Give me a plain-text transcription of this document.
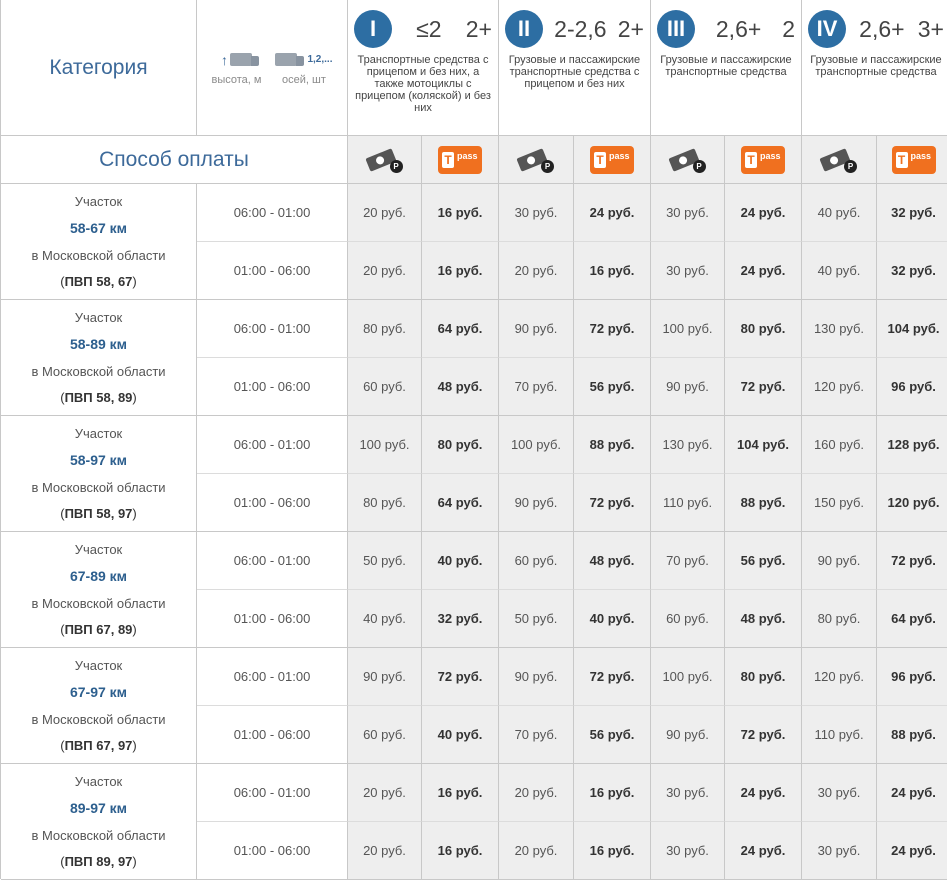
Категория	↑
высота, м
1,2,...
осей, шт
I	≤2 2+
Транспортные средства с прицепом и без них, а также мотоциклы с прицепом (коляской) и без них
II	2-2,6 2+
Грузовые и пассажирские транспортные средства с прицепом и без них
III	2,6+ 2
Грузовые и пассажирские транспортные средства
IV 2,6+ 3+
Грузовые и пассажирские транспортные средства
Способ оплаты	P	T pass
P	T pass
P	T pass
P	T pass
Участок
58-67 км
в Московской области
(ПВП 58, 67)
06:00 - 01:00	20 руб.	16 руб.	30 руб.	24 руб.	30 руб.	24 руб.	40 руб.	32 руб.
01:00 - 06:00	20 руб.	16 руб.	20 руб.	16 руб.	30 руб.	24 руб.	40 руб.	32 руб.
Участок
58-89 км
в Московской области
(ПВП 58, 89)
06:00 - 01:00	80 руб.	64 руб.	90 руб.	72 руб.	100 руб.	80 руб.	130 руб.	104 руб.
01:00 - 06:00	60 руб.	48 руб.	70 руб.	56 руб.	90 руб.	72 руб.	120 руб.	96 руб.
Участок
58-97 км
в Московской области
(ПВП 58, 97)
06:00 - 01:00	100 руб.	80 руб.	100 руб.	88 руб.	130 руб.	104 руб.	160 руб.	128 руб.
01:00 - 06:00	80 руб.	64 руб.	90 руб.	72 руб.	110 руб.	88 руб.	150 руб.	120 руб.
Участок
67-89 км
в Московской области
(ПВП 67, 89)
06:00 - 01:00	50 руб.	40 руб.	60 руб.	48 руб.	70 руб.	56 руб.	90 руб.	72 руб.
01:00 - 06:00	40 руб.	32 руб.	50 руб.	40 руб.	60 руб.	48 руб.	80 руб.	64 руб.
Участок
67-97 км
в Московской области
(ПВП 67, 97)
06:00 - 01:00	90 руб.	72 руб.	90 руб.	72 руб.	100 руб.	80 руб.	120 руб.	96 руб.
01:00 - 06:00	60 руб.	40 руб.	70 руб.	56 руб.	90 руб.	72 руб.	110 руб.	88 руб.
Участок
89-97 км
в Московской области
(ПВП 89, 97)
06:00 - 01:00	20 руб.	16 руб.	20 руб.	16 руб.	30 руб.	24 руб.	30 руб.	24 руб.
01:00 - 06:00	20 руб.	16 руб.	20 руб.	16 руб.	30 руб.	24 руб.	30 руб.	24 руб.
